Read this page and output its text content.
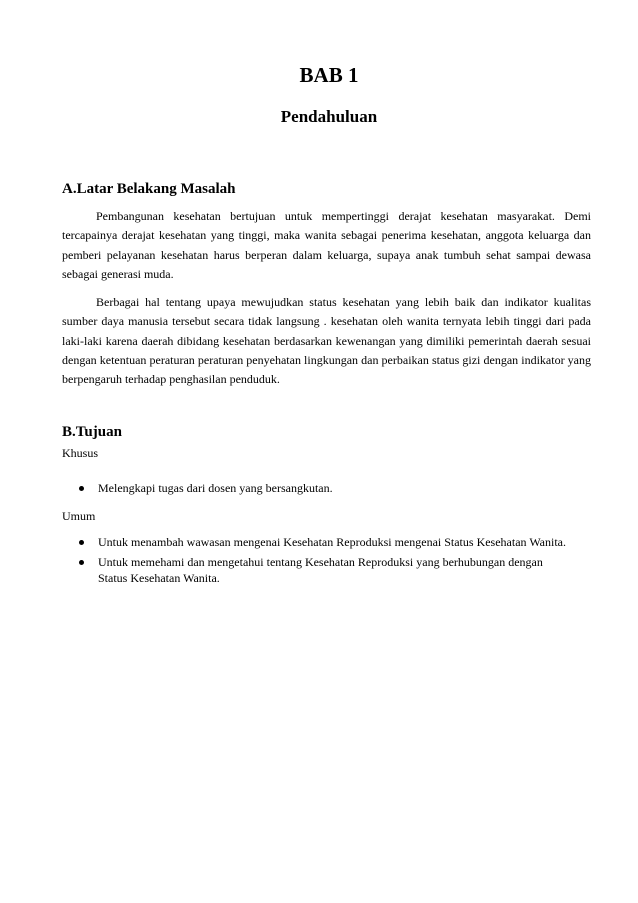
BAB 1
Pendahuluan
A.Latar Belakang Masalah

Pembangunan kesehatan bertujuan untuk mempertinggi derajat kesehatan masyarakat. Demi tercapainya derajat kesehatan yang tinggi, maka wanita sebagai penerima kesehatan, anggota keluarga dan pemberi pelayanan kesehatan harus berperan dalam keluarga, supaya anak tumbuh sehat sampai dewasa sebagai generasi muda.

Berbagai hal tentang upaya mewujudkan status kesehatan yang lebih baik dan indikator kualitas sumber daya manusia tersebut secara tidak langsung . kesehatan oleh wanita ternyata lebih tinggi dari pada laki-laki karena daerah dibidang kesehatan berdasarkan kewenangan yang dimiliki pemerintah daerah sesuai dengan ketentuan peraturan peraturan penyehatan lingkungan dan perbaikan status gizi dengan indikator yang berpengaruh terhadap penghasilan penduduk.

B.Tujuan

Khusus

Melengkapi tugas dari dosen yang bersangkutan.

Umum

Untuk menambah wawasan mengenai Kesehatan Reproduksi mengenai Status Kesehatan Wanita.
Untuk memehami dan mengetahui tentang Kesehatan Reproduksi yang berhubungan dengan Status Kesehatan Wanita.
